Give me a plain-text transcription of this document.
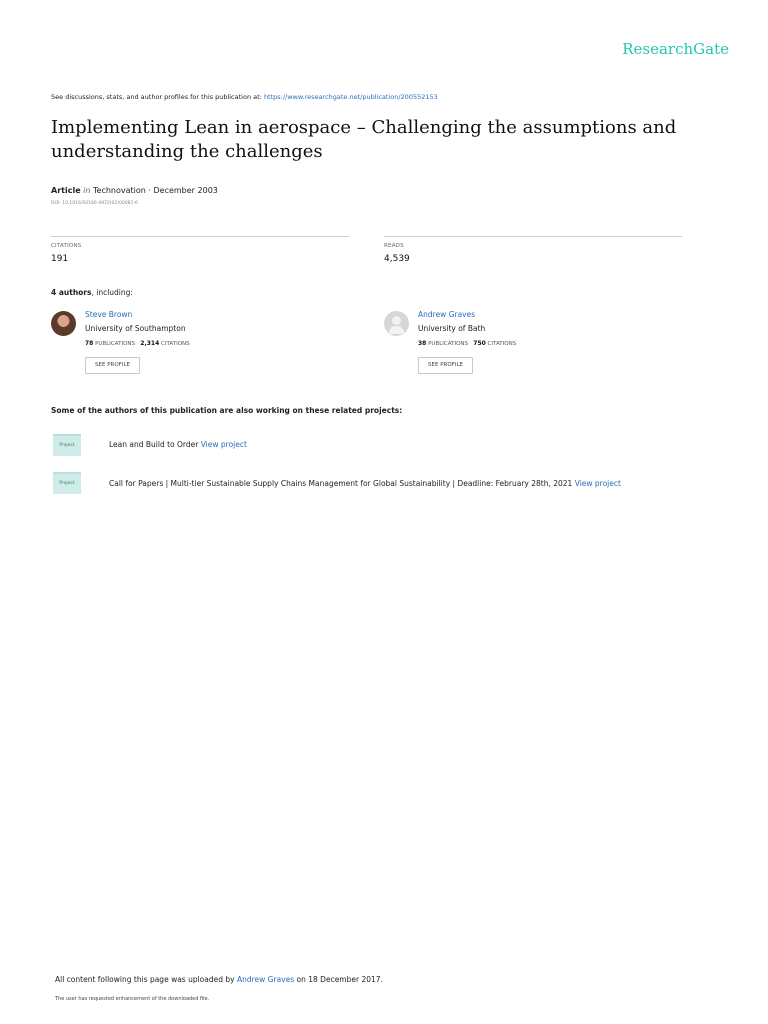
ResearchGate
See discussions, stats, and author profiles for this publication at: https://www.researchgate.net/publication/200552153
Implementing Lean in aerospace – Challenging the assumptions and understanding the challenges
Article in Technovation · December 2003
DOI: 10.1016/S0166-4972(02)00081-6
CITATIONS
191
READS
4,539
4 authors, including:
Steve Brown
University of Southampton
78 PUBLICATIONS 2,314 CITATIONS
SEE PROFILE
Andrew Graves
University of Bath
38 PUBLICATIONS 750 CITATIONS
SEE PROFILE
Some of the authors of this publication are also working on these related projects:
Project	Lean and Build to Order View project
Project	Call for Papers | Multi-tier Sustainable Supply Chains Management for Global Sustainability | Deadline: February 28th, 2021 View project
All content following this page was uploaded by Andrew Graves on 18 December 2017.
The user has requested enhancement of the downloaded file.
